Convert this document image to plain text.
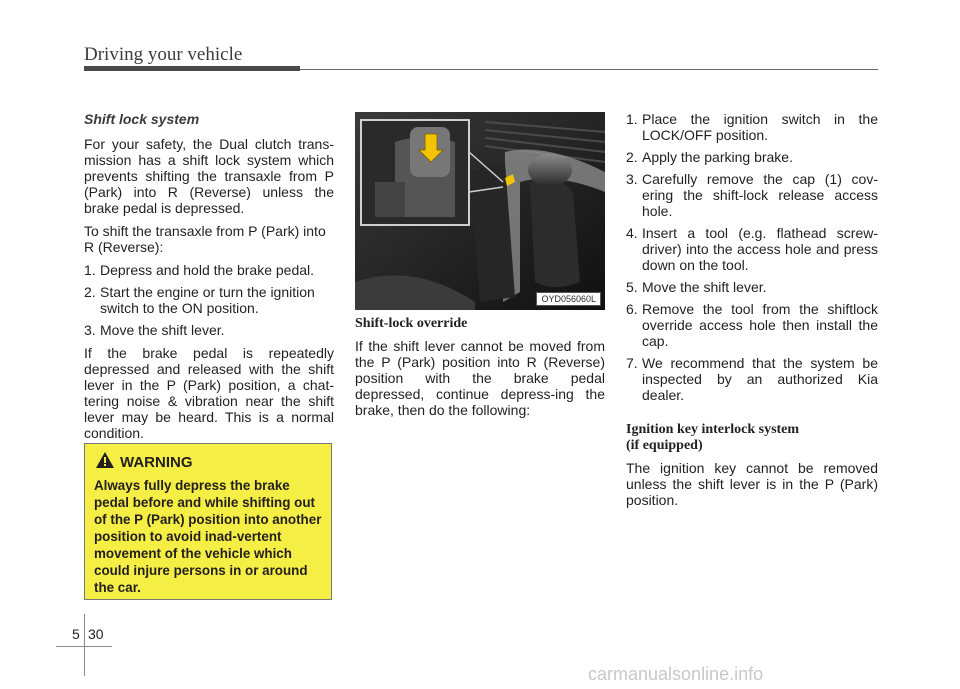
Driving your vehicle
Shift lock system

For your safety, the Dual clutch trans-mission has a shift lock system which prevents shifting the transaxle from P (Park) into R (Reverse) unless the brake pedal is depressed.

To shift the transaxle from P (Park) into R (Reverse):

1. Depress and hold the brake pedal.
2. Start the engine or turn the ignition switch to the ON position.
3. Move the shift lever.

If the brake pedal is repeatedly depressed and released with the shift lever in the P (Park) position, a chat-tering noise & vibration near the shift lever may be heard. This is a normal condition.

WARNING
Always fully depress the brake pedal before and while shifting out of the P (Park) position into another position to avoid inad-vertent movement of the vehicle which could injure persons in or around the car.
OYD056060L
Shift-lock override

If the shift lever cannot be moved from the P (Park) position into R (Reverse) position with the brake pedal depressed, continue depress-ing the brake, then do the following:

1. Place the ignition switch in the LOCK/OFF position.
2. Apply the parking brake.
3. Carefully remove the cap (1) cov-ering the shift-lock release access hole.
4. Insert a tool (e.g. flathead screw-driver) into the access hole and press down on the tool.
5. Move the shift lever.
6. Remove the tool from the shiftlock override access hole then install the cap.
7. We recommend that the system be inspected by an authorized Kia dealer.
Ignition key interlock system
(if equipped)

The ignition key cannot be removed unless the shift lever is in the P (Park) position.

5 30
carmanualsonline.info
